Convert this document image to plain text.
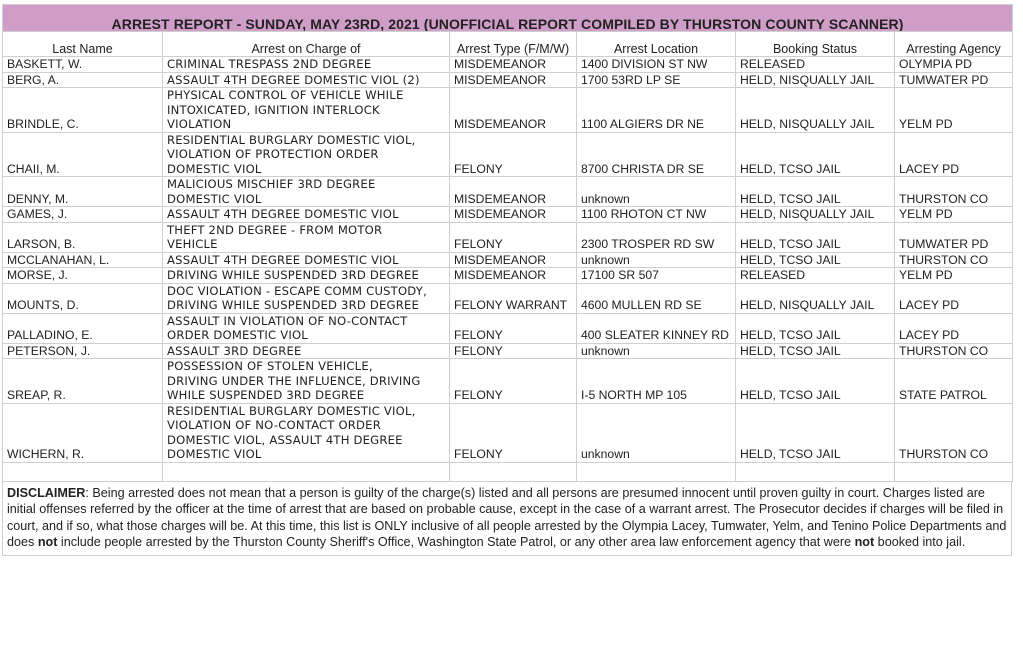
ARREST REPORT - SUNDAY, MAY 23RD, 2021 (UNOFFICIAL REPORT COMPILED BY THURSTON COUNTY SCANNER)					
Last Name	Arrest on Charge of	Arrest Type (F/M/W)	Arrest Location	Booking Status	Arresting Agency
BASKETT, W.	CRIMINAL TRESPASS 2ND DEGREE	MISDEMEANOR	1400 DIVISION ST NW	RELEASED	OLYMPIA PD
BERG, A.	ASSAULT 4TH DEGREE DOMESTIC VIOL (2)	MISDEMEANOR	1700 53RD LP SE	HELD, NISQUALLY JAIL	TUMWATER PD
BRINDLE, C.	PHYSICAL CONTROL OF VEHICLE WHILE
INTOXICATED, IGNITION INTERLOCK
VIOLATION	MISDEMEANOR	1100 ALGIERS DR NE	HELD, NISQUALLY JAIL	YELM PD
CHAII, M.	RESIDENTIAL BURGLARY DOMESTIC VIOL,
VIOLATION OF PROTECTION ORDER
DOMESTIC VIOL	FELONY	8700 CHRISTA DR SE	HELD, TCSO JAIL	LACEY PD
DENNY, M.	MALICIOUS MISCHIEF 3RD DEGREE
DOMESTIC VIOL	MISDEMEANOR	unknown	HELD, TCSO JAIL	THURSTON CO
GAMES, J.	ASSAULT 4TH DEGREE DOMESTIC VIOL	MISDEMEANOR	1100 RHOTON CT NW	HELD, NISQUALLY JAIL	YELM PD
LARSON, B.	THEFT 2ND DEGREE - FROM MOTOR
VEHICLE	FELONY	2300 TROSPER RD SW	HELD, TCSO JAIL	TUMWATER PD
MCCLANAHAN, L.	ASSAULT 4TH DEGREE DOMESTIC VIOL	MISDEMEANOR	unknown	HELD, TCSO JAIL	THURSTON CO
MORSE, J.	DRIVING WHILE SUSPENDED 3RD DEGREE	MISDEMEANOR	17100 SR 507	RELEASED	YELM PD
MOUNTS, D.	DOC VIOLATION - ESCAPE COMM CUSTODY,
DRIVING WHILE SUSPENDED 3RD DEGREE	FELONY WARRANT	4600 MULLEN RD SE	HELD, NISQUALLY JAIL	LACEY PD
PALLADINO, E.	ASSAULT IN VIOLATION OF NO-CONTACT
ORDER DOMESTIC VIOL	FELONY	400 SLEATER KINNEY RD	HELD, TCSO JAIL	LACEY PD
PETERSON, J.	ASSAULT 3RD DEGREE	FELONY	unknown	HELD, TCSO JAIL	THURSTON CO
SREAP, R.	POSSESSION OF STOLEN VEHICLE,
DRIVING UNDER THE INFLUENCE, DRIVING
WHILE SUSPENDED 3RD DEGREE	FELONY	I-5 NORTH MP 105	HELD, TCSO JAIL	STATE PATROL
WICHERN, R.	RESIDENTIAL BURGLARY DOMESTIC VIOL,
VIOLATION OF NO-CONTACT ORDER
DOMESTIC VIOL, ASSAULT 4TH DEGREE
DOMESTIC VIOL	FELONY	unknown	HELD, TCSO JAIL	THURSTON CO

DISCLAIMER: Being arrested does not mean that a person is guilty of the charge(s) listed and all persons are presumed innocent until proven guilty in court. Charges listed are initial offenses referred by the officer at the time of arrest that are based on probable cause, except in the case of a warrant arrest. The Prosecutor decides if charges will be filed in court, and if so, what those charges will be. At this time, this list is ONLY inclusive of all people arrested by the Olympia Lacey, Tumwater, Yelm, and Tenino Police Departments and does not include people arrested by the Thurston County Sheriff's Office, Washington State Patrol, or any other area law enforcement agency that were not booked into jail.
